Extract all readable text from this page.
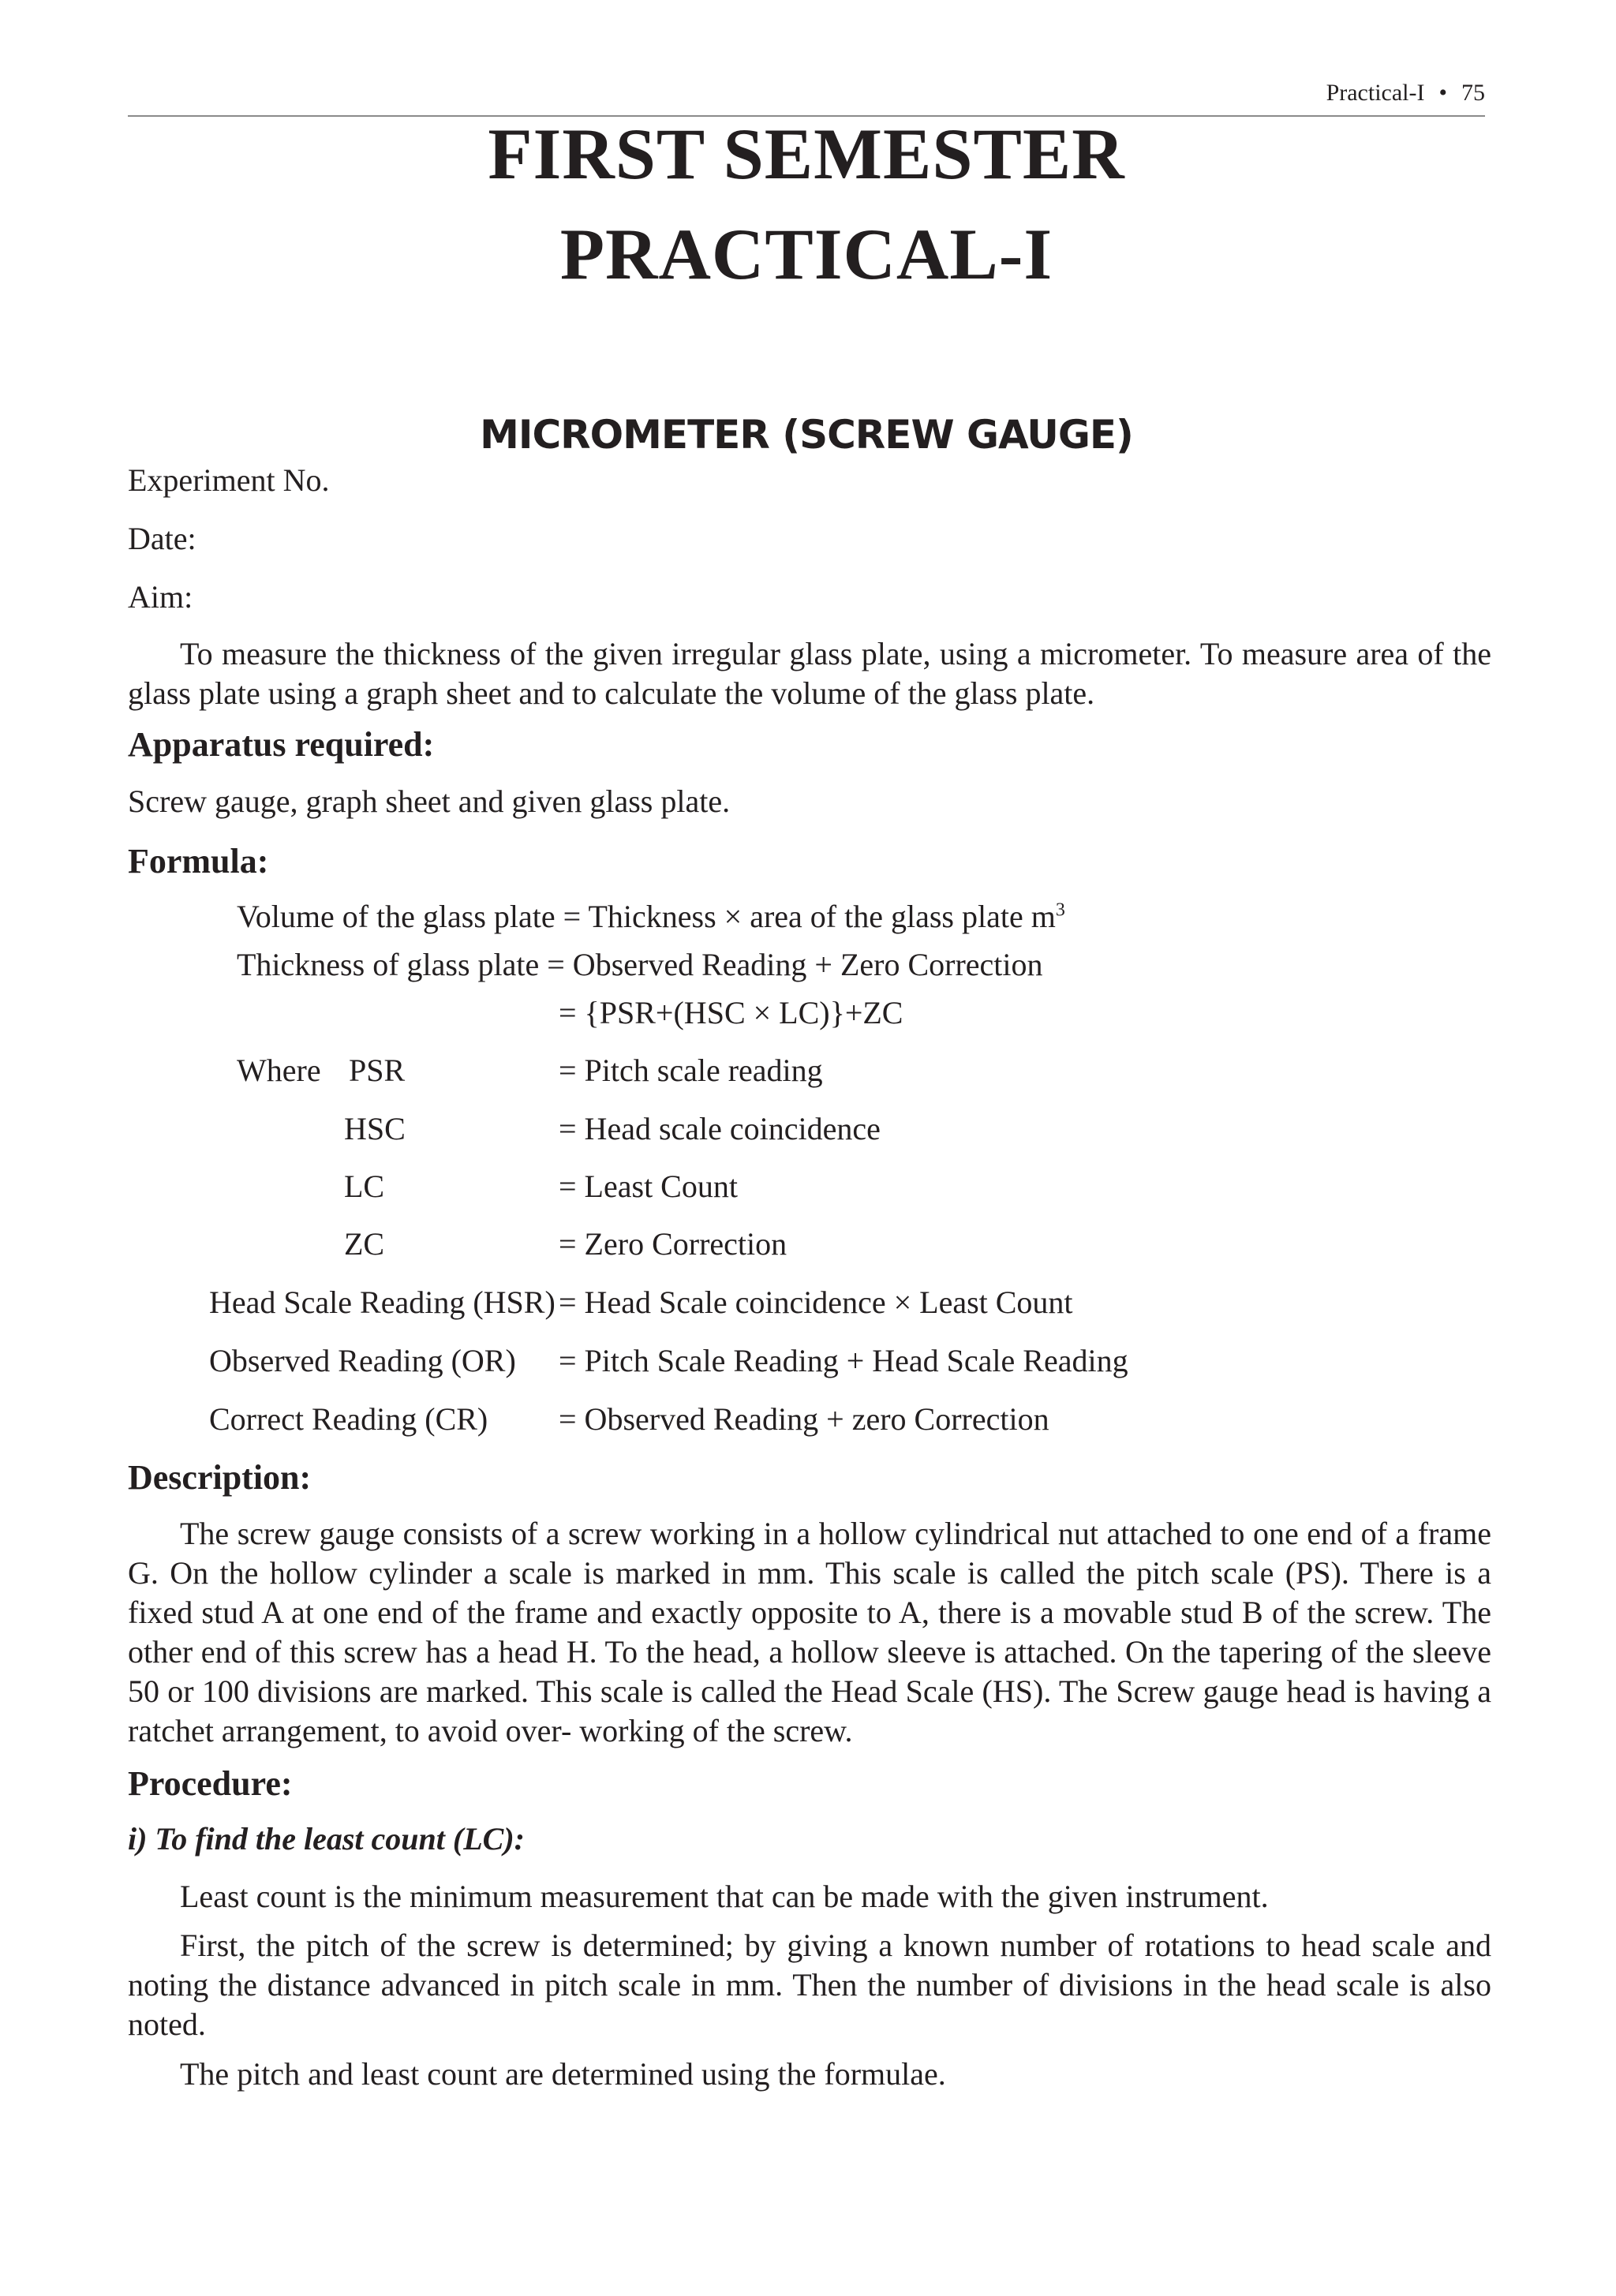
Practical-I • 75
FIRST SEMESTER
PRACTICAL-I
MICROMETER (SCREW GAUGE)
Experiment No.
Date:
Aim:
To measure the thickness of the given irregular glass plate, using a micrometer. To measure area of the glass plate using a graph sheet and to calculate the volume of the glass plate.
Apparatus required:
Screw gauge, graph sheet and given glass plate.
Formula:
Volume of the glass plate = Thickness × area of the glass plate $m^3$
Thickness of glass plate = Observed Reading + Zero Correction
= {PSR+(HSC × LC)}+ZC
Where PSR	= Pitch scale reading
HSC	= Head scale coincidence
LC	= Least Count
ZC	= Zero Correction
Head Scale Reading (HSR) = Head Scale coincidence × Least Count
Observed Reading (OR) = Pitch Scale Reading + Head Scale Reading
Correct Reading (CR) = Observed Reading + zero Correction
Description:
The screw gauge consists of a screw working in a hollow cylindrical nut attached to one end of a frame G. On the hollow cylinder a scale is marked in mm. This scale is called the pitch scale (PS). There is a fixed stud A at one end of the frame and exactly opposite to A, there is a movable stud B of the screw. The other end of this screw has a head H. To the head, a hollow sleeve is attached. On the tapering of the sleeve 50 or 100 divisions are marked. This scale is called the Head Scale (HS). The Screw gauge head is having a ratchet arrangement, to avoid over- working of the screw.
Procedure:
i) To find the least count (LC):
Least count is the minimum measurement that can be made with the given instrument.
First, the pitch of the screw is determined; by giving a known number of rotations to head scale and noting the distance advanced in pitch scale in mm. Then the number of divisions in the head scale is also noted.
The pitch and least count are determined using the formulae.
